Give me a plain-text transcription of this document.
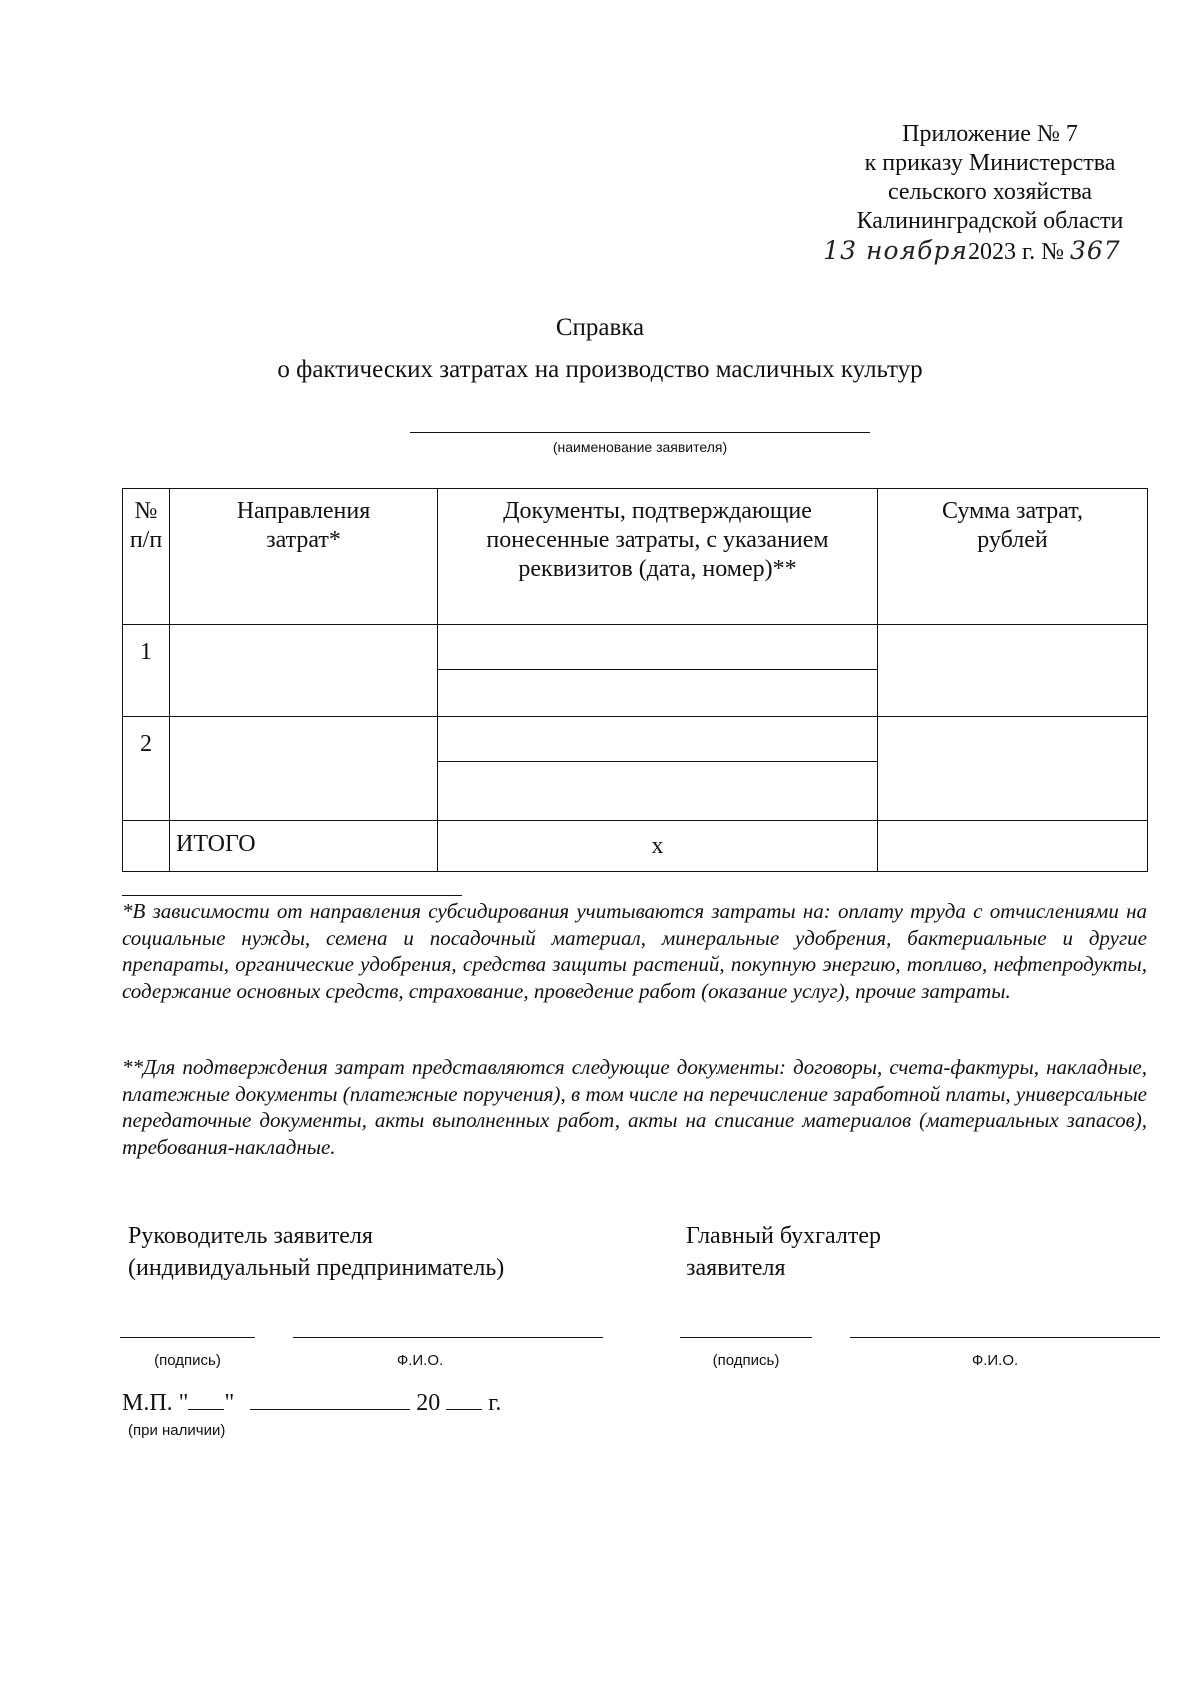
Приложение № 7
к приказу Министерства
сельского хозяйства
Калининградской области
13 ноября2023 г. № 367
Справка
о фактических затратах на производство масличных культур
(наименование заявителя)
№ п/п	Направления затрат*	Документы, подтверждающие понесенные затраты, с указанием реквизитов (дата, номер)**	Сумма затрат, рублей

1		

2		

	ИТОГО	х	
*В зависимости от направления субсидирования учитываются затраты на: оплату труда с отчислениями на социальные нужды, семена и посадочный материал, минеральные удобрения, бактериальные и другие препараты, органические удобрения, средства защиты растений, покупную энергию, топливо, нефтепродукты, содержание основных средств, страхование, проведение работ (оказание услуг), прочие затраты.
**Для подтверждения затрат представляются следующие документы: договоры, счета-фактуры, накладные, платежные документы (платежные поручения), в том числе на перечисление заработной платы, универсальные передаточные документы, акты выполненных работ, акты на списание материалов (материальных запасов), требования-накладные.
Руководитель заявителя
(индивидуальный предприниматель)
Главный бухгалтер
заявителя
(подпись)	Ф.И.О.	(подпись)	Ф.И.О.
М.П. " "	20 г.
(при наличии)
